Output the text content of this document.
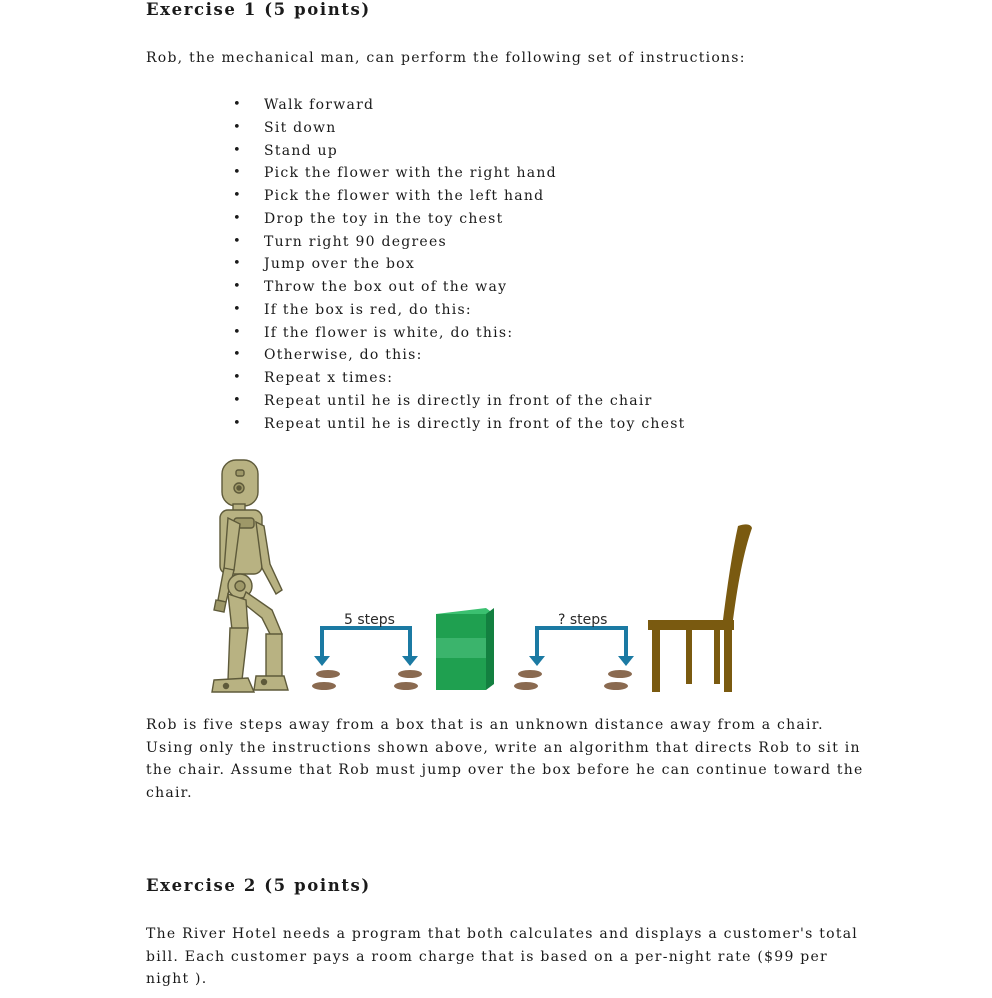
Exercise 1 (5 points)

Rob, the mechanical man, can perform the following set of instructions:

• Walk forward
• Sit down
• Stand up
• Pick the flower with the right hand
• Pick the flower with the left hand
• Drop the toy in the toy chest
• Turn right 90 degrees
• Jump over the box
• Throw the box out of the way
• If the box is red, do this:
• If the flower is white, do this:
• Otherwise, do this:
• Repeat x times:
• Repeat until he is directly in front of the chair
• Repeat until he is directly in front of the toy chest
5 steps	? steps

Rob is five steps away from a box that is an unknown distance away from a chair. Using only the instructions shown above, write an algorithm that directs Rob to sit in the chair. Assume that Rob must jump over the box before he can continue toward the chair.

Exercise 2 (5 points)

The River Hotel needs a program that both calculates and displays a customer's total bill. Each customer pays a room charge that is based on a per-night rate ($99 per night ).
